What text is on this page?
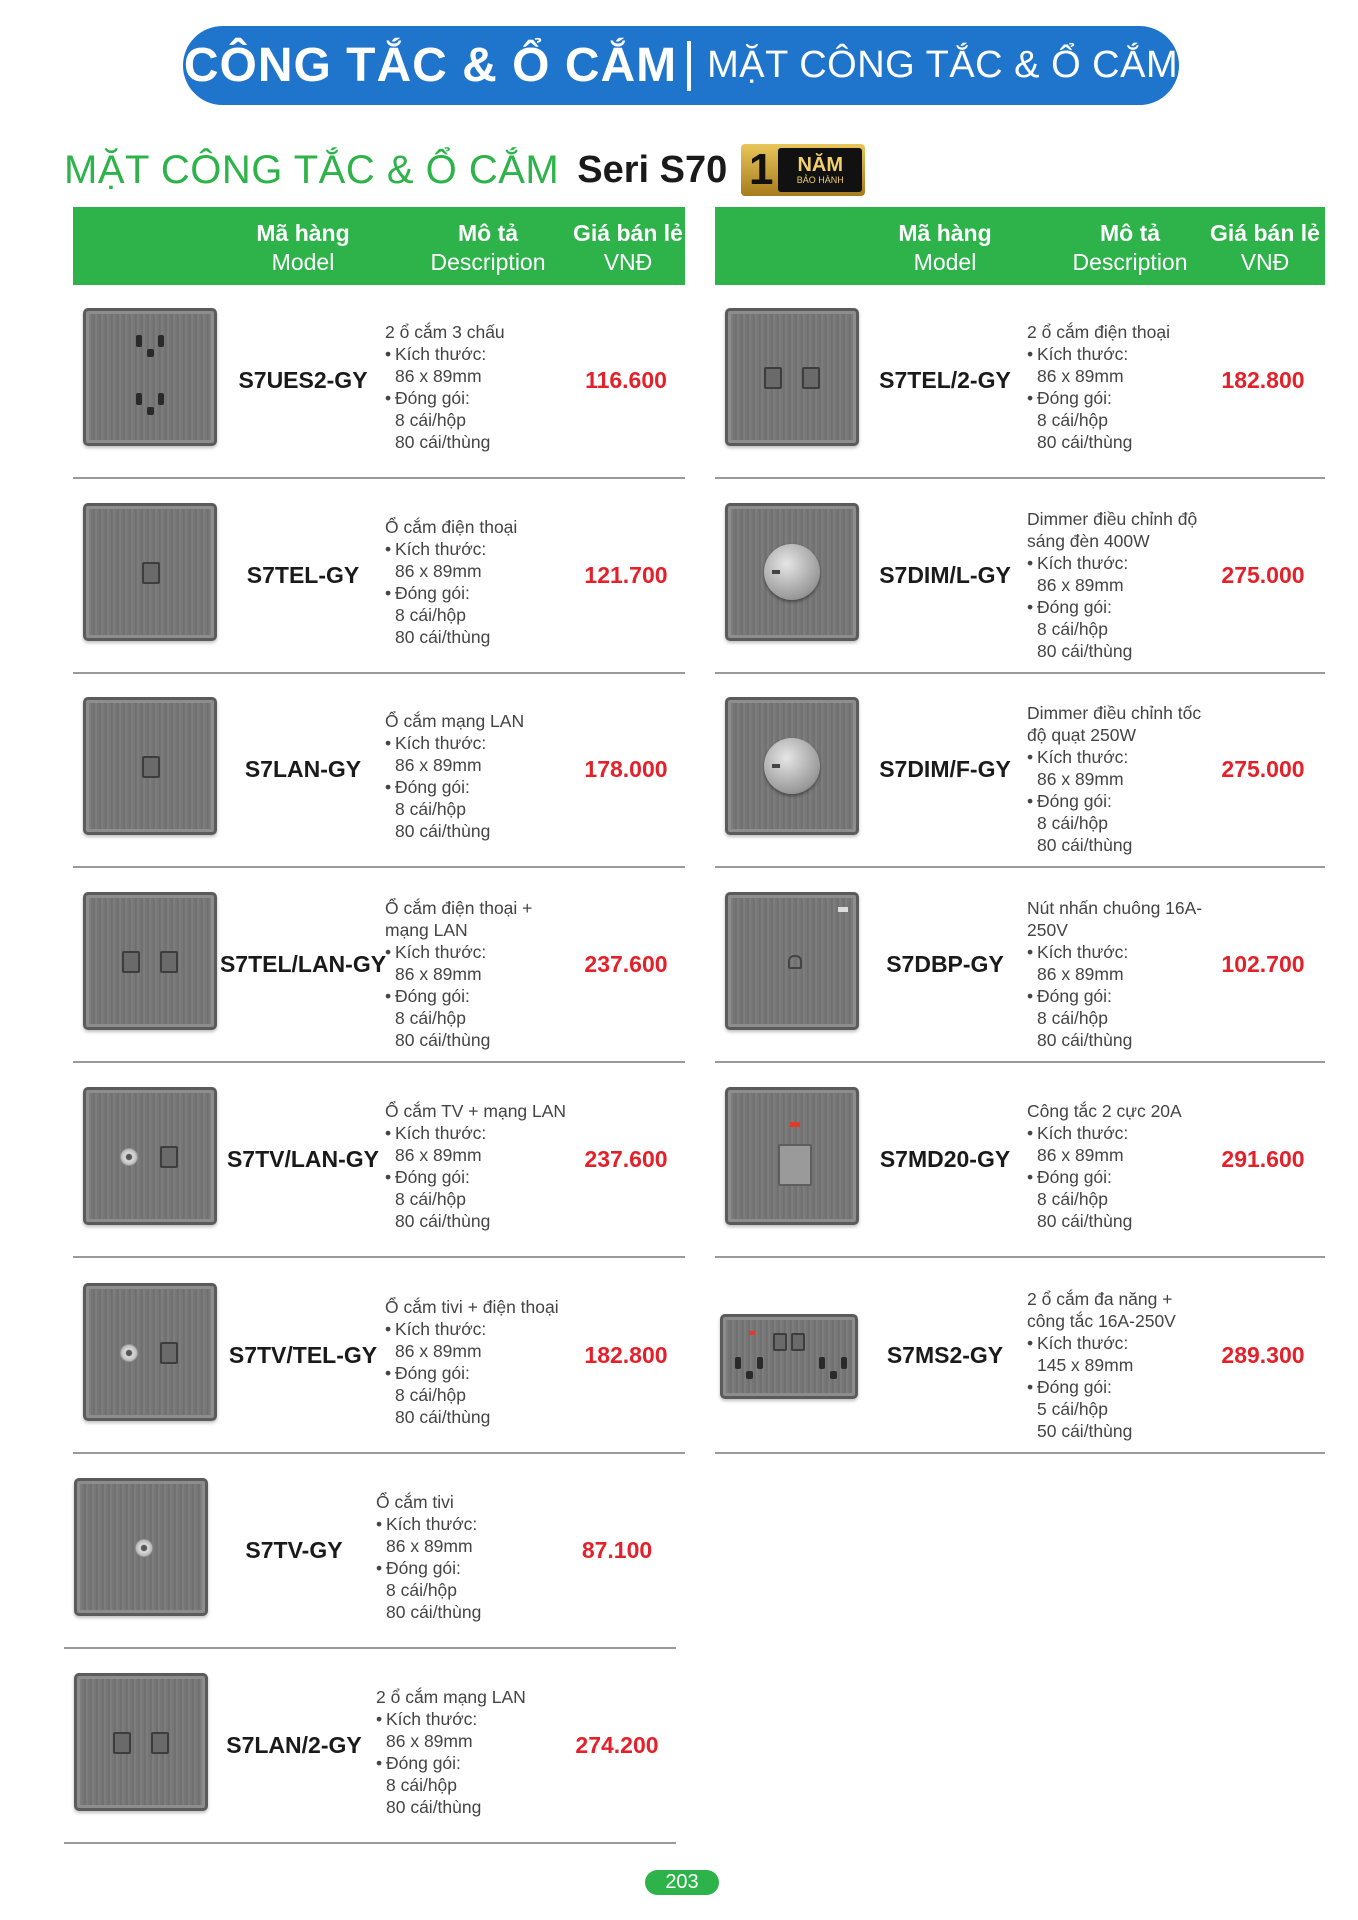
CÔNG TẮC & Ổ CẮM MẶT CÔNG TẮC & Ổ CẮM
MẶT CÔNG TẮC & Ổ CẮM Seri S70 1 NĂM
BẢO HÀNH
Mã hàng
Model
Mô tả
Description
Giá bán lẻ
VNĐ
Mã hàng
Model
Mô tả
Description
Giá bán lẻ
VNĐ
S7UES2-GY
2 ổ cắm 3 chấu
• Kích thước:
86 x 89mm
• Đóng gói:
8 cái/hộp
80 cái/thùng
116.600
S7TEL-GY
Ổ cắm điện thoại
• Kích thước:
86 x 89mm
• Đóng gói:
8 cái/hộp
80 cái/thùng
121.700
S7LAN-GY
Ổ cắm mạng LAN
• Kích thước:
86 x 89mm
• Đóng gói:
8 cái/hộp
80 cái/thùng
178.000
S7TEL/LAN-GY
Ổ cắm điện thoại +
mạng LAN
• Kích thước:
86 x 89mm
• Đóng gói:
8 cái/hộp
80 cái/thùng
237.600
S7TV/LAN-GY
Ổ cắm TV + mạng LAN
• Kích thước:
86 x 89mm
• Đóng gói:
8 cái/hộp
80 cái/thùng
237.600
S7TV/TEL-GY
Ổ cắm tivi + điện thoại
• Kích thước:
86 x 89mm
• Đóng gói:
8 cái/hộp
80 cái/thùng
182.800
S7TV-GY
Ổ cắm tivi
• Kích thước:
86 x 89mm
• Đóng gói:
8 cái/hộp
80 cái/thùng
87.100
S7LAN/2-GY
2 ổ cắm mạng LAN
• Kích thước:
86 x 89mm
• Đóng gói:
8 cái/hộp
80 cái/thùng
274.200
S7TEL/2-GY
2 ổ cắm điện thoại
• Kích thước:
86 x 89mm
• Đóng gói:
8 cái/hộp
80 cái/thùng
182.800
S7DIM/L-GY
Dimmer điều chỉnh độ
sáng đèn 400W
• Kích thước:
86 x 89mm
• Đóng gói:
8 cái/hộp
80 cái/thùng
275.000
S7DIM/F-GY
Dimmer điều chỉnh tốc
độ quạt 250W
• Kích thước:
86 x 89mm
• Đóng gói:
8 cái/hộp
80 cái/thùng
275.000
S7DBP-GY
Nút nhấn chuông 16A-
250V
• Kích thước:
86 x 89mm
• Đóng gói:
8 cái/hộp
80 cái/thùng
102.700
S7MD20-GY
Công tắc 2 cực 20A
• Kích thước:
86 x 89mm
• Đóng gói:
8 cái/hộp
80 cái/thùng
291.600
S7MS2-GY
2 ổ cắm đa năng +
công tắc 16A-250V
• Kích thước:
145 x 89mm
• Đóng gói:
5 cái/hộp
50 cái/thùng
289.300
203
